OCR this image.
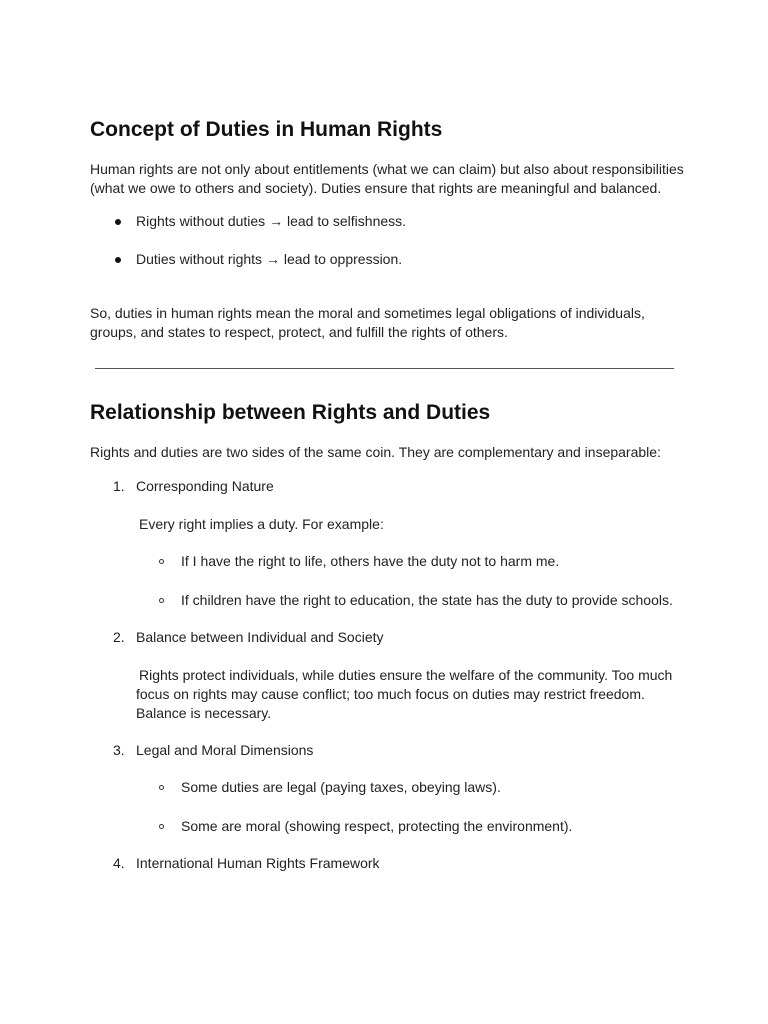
Concept of Duties in Human Rights

Human rights are not only about entitlements (what we can claim) but also about responsibilities (what we owe to others and society). Duties ensure that rights are meaningful and balanced.

Rights without duties → lead to selfishness.

Duties without rights → lead to oppression.

So, duties in human rights mean the moral and sometimes legal obligations of individuals, groups, and states to respect, protect, and fulfill the rights of others.

Relationship between Rights and Duties

Rights and duties are two sides of the same coin. They are complementary and inseparable:

1. Corresponding Nature

Every right implies a duty. For example:

If I have the right to life, others have the duty not to harm me.

If children have the right to education, the state has the duty to provide schools.

2. Balance between Individual and Society

Rights protect individuals, while duties ensure the welfare of the community. Too much focus on rights may cause conflict; too much focus on duties may restrict freedom. Balance is necessary.

3. Legal and Moral Dimensions

Some duties are legal (paying taxes, obeying laws).

Some are moral (showing respect, protecting the environment).

4. International Human Rights Framework
